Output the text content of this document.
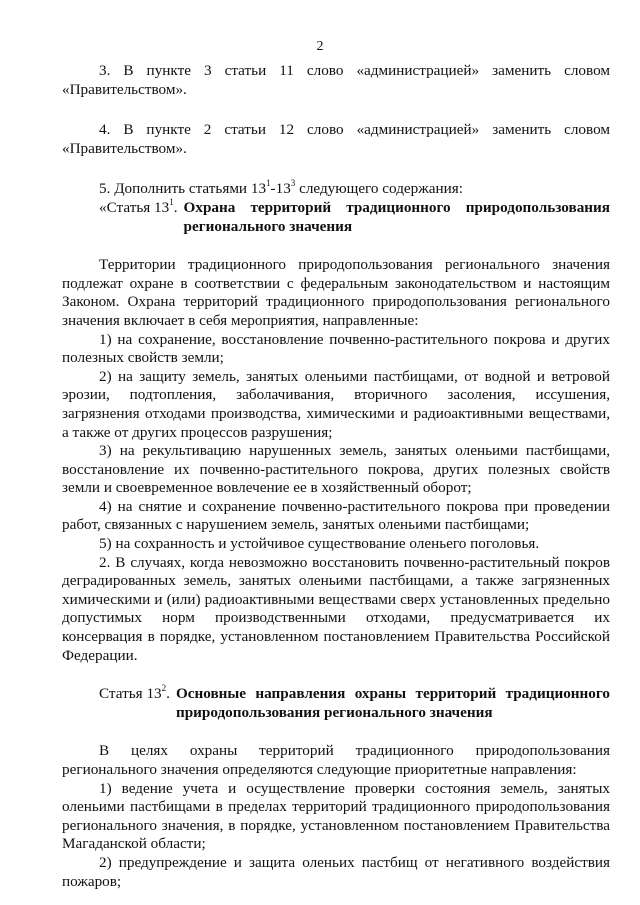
2

3. В пункте 3 статьи 11 слово «администрацией» заменить словом «Правительством».

4. В пункте 2 статьи 12 слово «администрацией» заменить словом «Правительством».

5. Дополнить статьями $13^1-13^3$ следующего содержания:

«Статья $13^1$. Охрана территорий традиционного природопользования регионального значения

Территории традиционного природопользования регионального значения подлежат охране в соответствии с федеральным законодательством и настоящим Законом. Охрана территорий традиционного природопользования регионального значения включает в себя мероприятия, направленные:

1) на сохранение, восстановление почвенно-растительного покрова и других полезных свойств земли;

2) на защиту земель, занятых оленьими пастбищами, от водной и ветровой эрозии, подтопления, заболачивания, вторичного засоления, иссушения, загрязнения отходами производства, химическими и радиоактивными веществами, а также от других процессов разрушения;

3) на рекультивацию нарушенных земель, занятых оленьими пастбищами, восстановление их почвенно-растительного покрова, других полезных свойств земли и своевременное вовлечение ее в хозяйственный оборот;

4) на снятие и сохранение почвенно-растительного покрова при проведении работ, связанных с нарушением земель, занятых оленьими пастбищами;

5) на сохранность и устойчивое существование оленьего поголовья.

2. В случаях, когда невозможно восстановить почвенно-растительный покров деградированных земель, занятых оленьими пастбищами, а также загрязненных химическими и (или) радиоактивными веществами сверх установленных предельно допустимых норм производственными отходами, предусматривается их консервация в порядке, установленном постановлением Правительства Российской Федерации.

Статья $13^2$. Основные направления охраны территорий традиционного природопользования регионального значения

В целях охраны территорий традиционного природопользования регионального значения определяются следующие приоритетные направления:

1) ведение учета и осуществление проверки состояния земель, занятых оленьими пастбищами в пределах территорий традиционного природопользования регионального значения, в порядке, установленном постановлением Правительства Магаданской области;

2) предупреждение и защита оленьих пастбищ от негативного воздействия пожаров;
